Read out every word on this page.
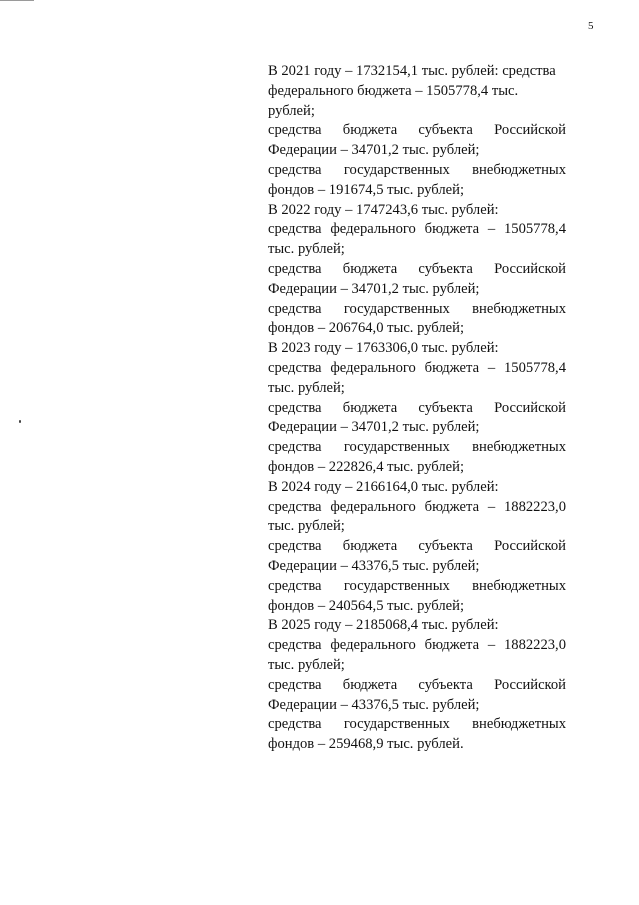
5

В 2021 году – 1732154,1 тыс. рублей: средства федерального бюджета – 1505778,4 тыс. рублей;

средства бюджета субъекта Российской Федерации – 34701,2 тыс. рублей;

средства государственных внебюджетных фондов – 191674,5 тыс. рублей;

В 2022 году – 1747243,6 тыс. рублей:

средства федерального бюджета – 1505778,4 тыс. рублей;

средства бюджета субъекта Российской Федерации – 34701,2 тыс. рублей;

средства государственных внебюджетных фондов – 206764,0 тыс. рублей;

В 2023 году – 1763306,0 тыс. рублей:

средства федерального бюджета – 1505778,4 тыс. рублей;

средства бюджета субъекта Российской Федерации – 34701,2 тыс. рублей;

средства государственных внебюджетных фондов – 222826,4 тыс. рублей;

В 2024 году – 2166164,0 тыс. рублей:

средства федерального бюджета – 1882223,0 тыс. рублей;

средства бюджета субъекта Российской Федерации – 43376,5 тыс. рублей;

средства государственных внебюджетных фондов – 240564,5 тыс. рублей;

В 2025 году – 2185068,4 тыс. рублей:

средства федерального бюджета – 1882223,0 тыс. рублей;

средства бюджета субъекта Российской Федерации – 43376,5 тыс. рублей;

средства государственных внебюджетных фондов – 259468,9 тыс. рублей.
